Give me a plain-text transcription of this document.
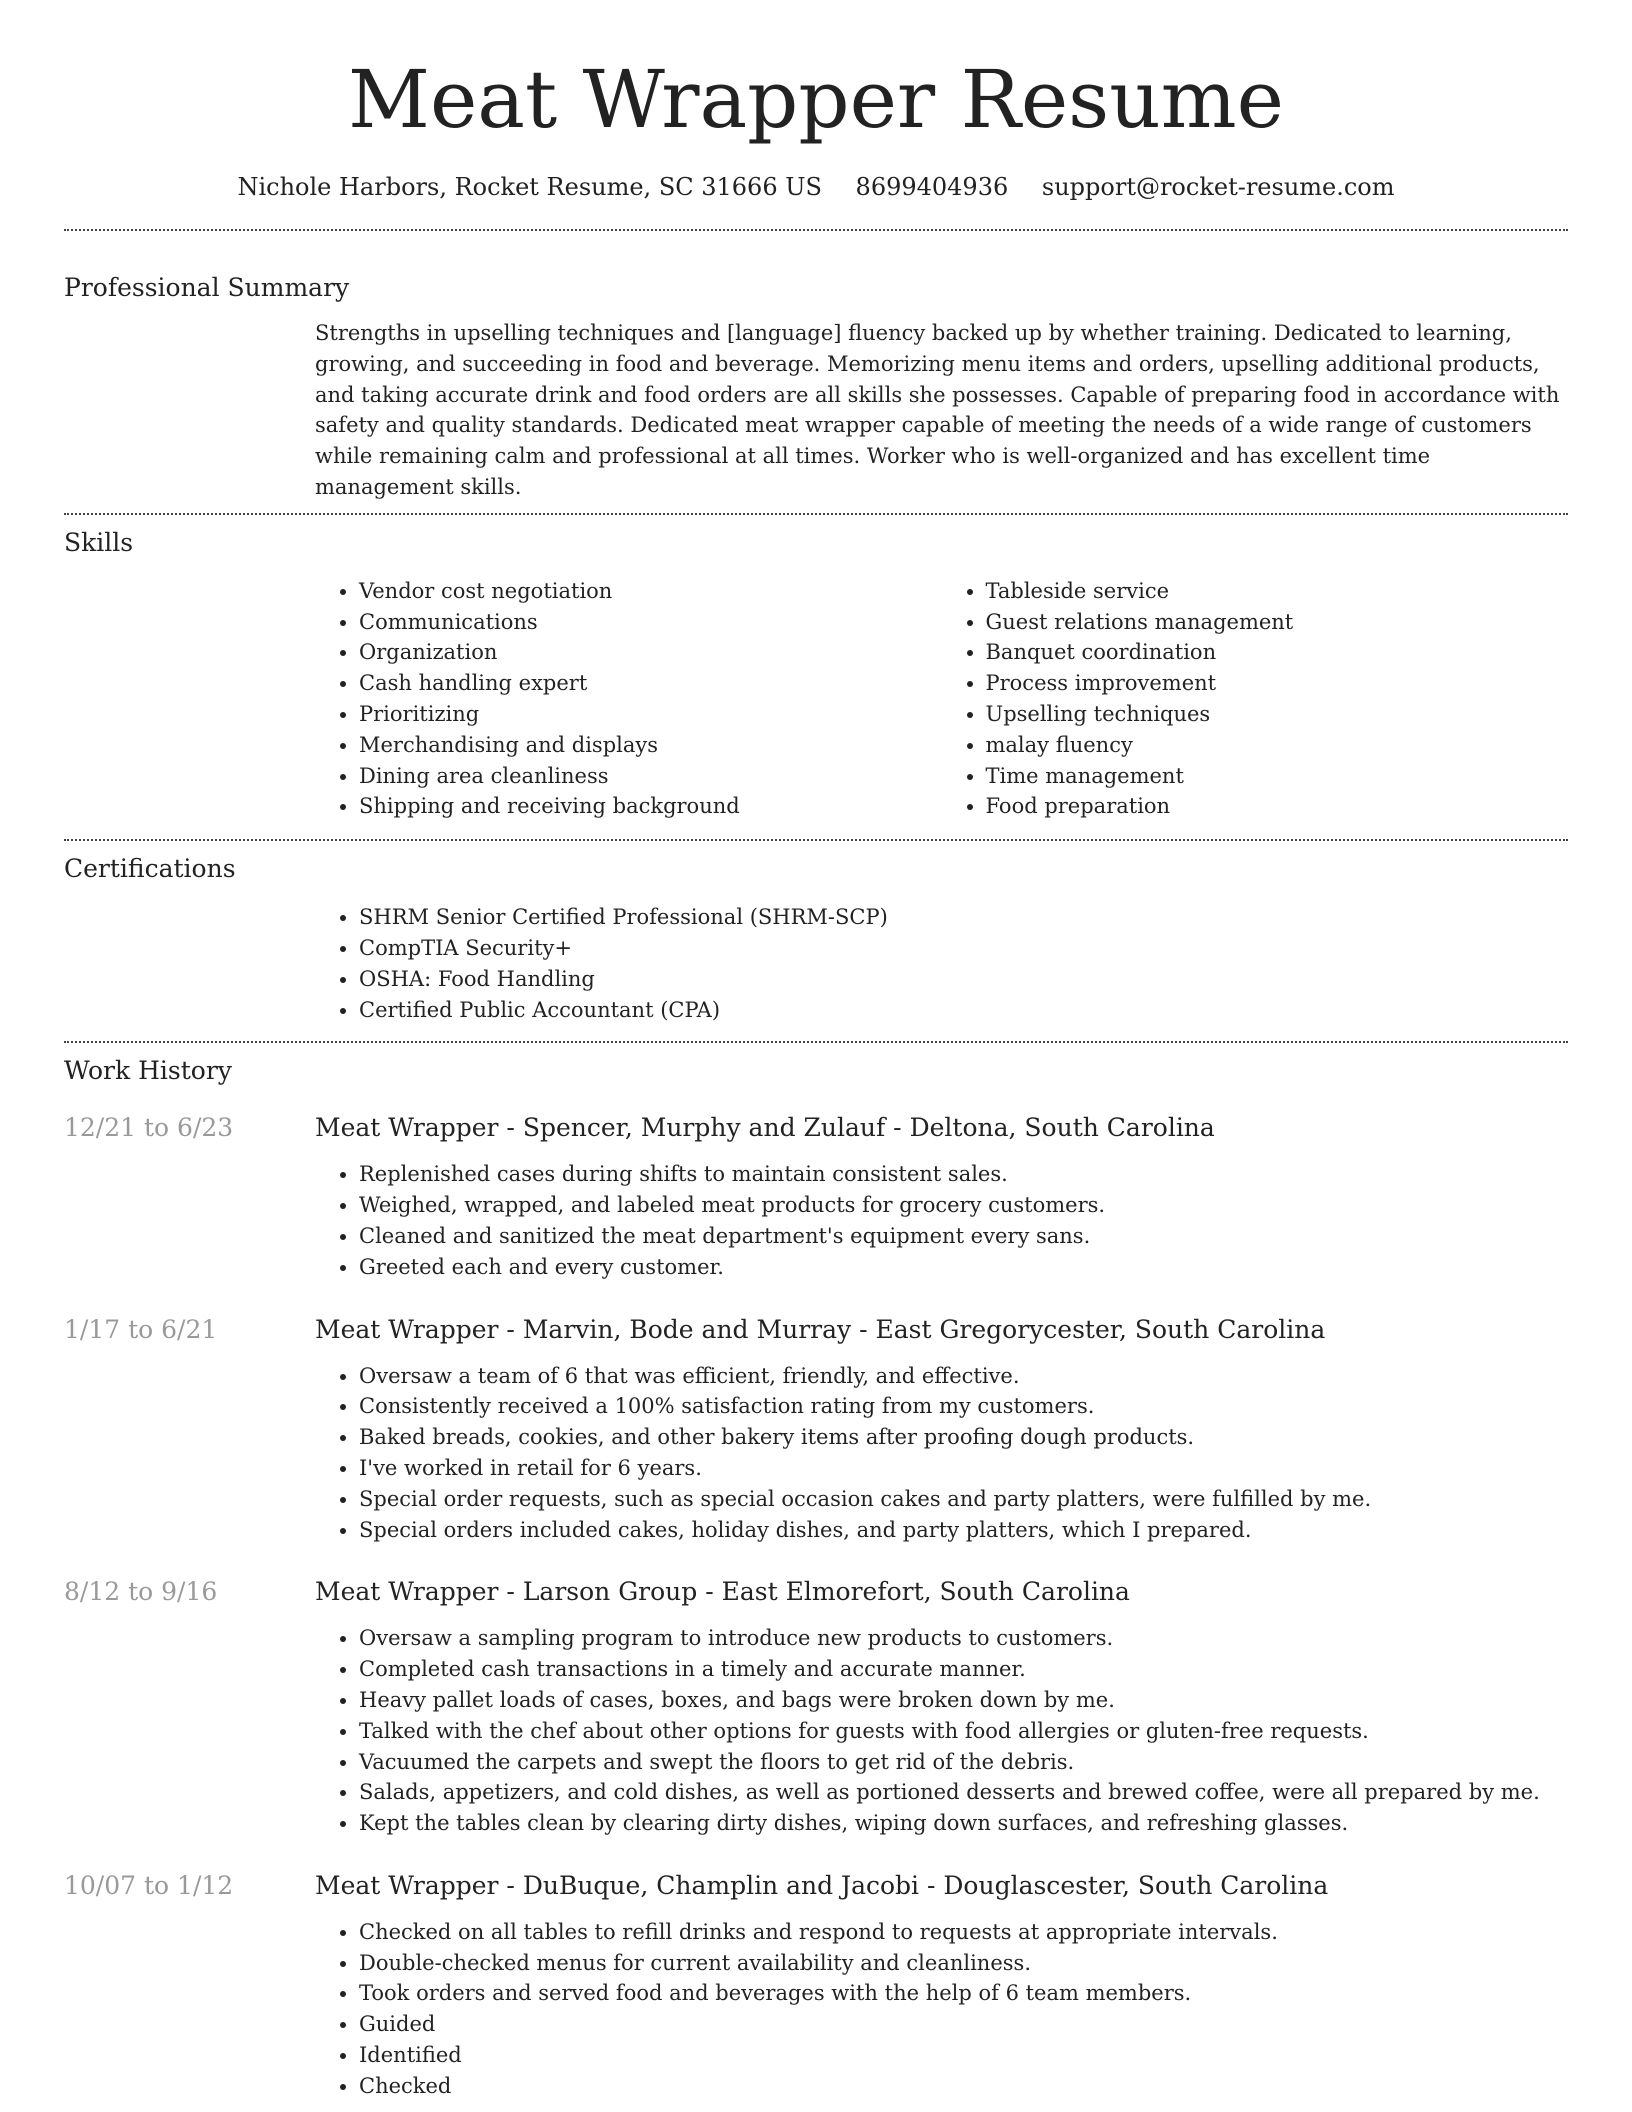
Meat Wrapper Resume
Nichole Harbors, Rocket Resume, SC 31666 US 8699404936 support@rocket-resume.com
Professional Summary

Strengths in upselling techniques and [language] fluency backed up by whether training. Dedicated to learning, growing, and succeeding in food and beverage. Memorizing menu items and orders, upselling additional products, and taking accurate drink and food orders are all skills she possesses. Capable of preparing food in accordance with safety and quality standards. Dedicated meat wrapper capable of meeting the needs of a wide range of customers while remaining calm and professional at all times. Worker who is well-organized and has excellent time management skills.

Skills
• Vendor cost negotiation
• Communications
• Organization
• Cash handling expert
• Prioritizing
• Merchandising and displays
• Dining area cleanliness
• Shipping and receiving background
• Tableside service
• Guest relations management
• Banquet coordination
• Process improvement
• Upselling techniques
• malay fluency
• Time management
• Food preparation
Certifications
• SHRM Senior Certified Professional (SHRM-SCP)
• CompTIA Security+
• OSHA: Food Handling
• Certified Public Accountant (CPA)
Work History
12/21 to 6/23	Meat Wrapper - Spencer, Murphy and Zulauf - Deltona, South Carolina
• Replenished cases during shifts to maintain consistent sales.
• Weighed, wrapped, and labeled meat products for grocery customers.
• Cleaned and sanitized the meat department's equipment every sans.
• Greeted each and every customer.
1/17 to 6/21	Meat Wrapper - Marvin, Bode and Murray - East Gregorycester, South Carolina
• Oversaw a team of 6 that was efficient, friendly, and effective.
• Consistently received a 100% satisfaction rating from my customers.
• Baked breads, cookies, and other bakery items after proofing dough products.
• I've worked in retail for 6 years.
• Special order requests, such as special occasion cakes and party platters, were fulfilled by me.
• Special orders included cakes, holiday dishes, and party platters, which I prepared.
8/12 to 9/16	Meat Wrapper - Larson Group - East Elmorefort, South Carolina
• Oversaw a sampling program to introduce new products to customers.
• Completed cash transactions in a timely and accurate manner.
• Heavy pallet loads of cases, boxes, and bags were broken down by me.
• Talked with the chef about other options for guests with food allergies or gluten-free requests.
• Vacuumed the carpets and swept the floors to get rid of the debris.
• Salads, appetizers, and cold dishes, as well as portioned desserts and brewed coffee, were all prepared by me.
• Kept the tables clean by clearing dirty dishes, wiping down surfaces, and refreshing glasses.
10/07 to 1/12	Meat Wrapper - DuBuque, Champlin and Jacobi - Douglascester, South Carolina
• Checked on all tables to refill drinks and respond to requests at appropriate intervals.
• Double-checked menus for current availability and cleanliness.
• Took orders and served food and beverages with the help of 6 team members.
• Guided
• Identified
• Checked
